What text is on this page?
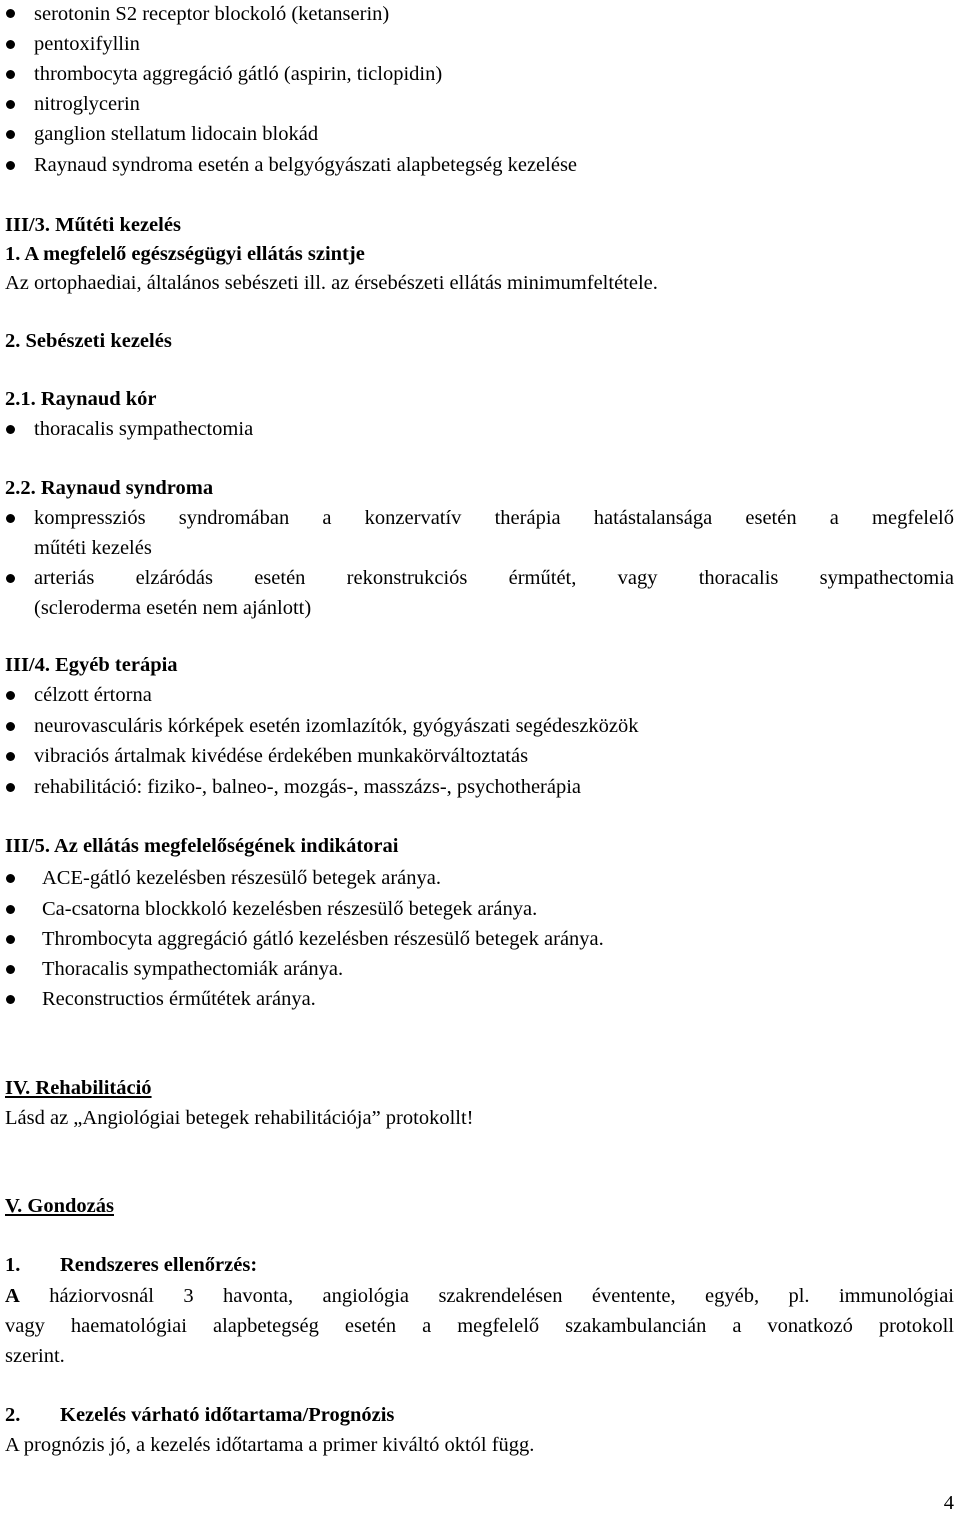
serotonin S2 receptor blockoló (ketanserin)
pentoxifyllin
thrombocyta aggregáció gátló (aspirin, ticlopidin)
nitroglycerin
ganglion stellatum lidocain blokád
Raynaud syndroma esetén a belgyógyászati alapbetegség kezelése
III/3. Műtéti kezelés
1. A megfelelő egészségügyi ellátás szintje
Az ortophaediai, általános sebészeti ill. az érsebészeti ellátás minimumfeltétele.
2. Sebészeti kezelés
2.1. Raynaud kór
thoracalis sympathectomia
2.2. Raynaud syndroma
kompressziós syndromában a konzervatív therápia hatástalansága esetén a megfelelő
műtéti kezelés
arteriás elzáródás esetén rekonstrukciós érműtét, vagy thoracalis sympathectomia
(scleroderma esetén nem ajánlott)
III/4. Egyéb terápia
célzott értorna
neurovasculáris kórképek esetén izomlazítók, gyógyászati segédeszközök
vibraciós ártalmak kivédése érdekében munkakörváltoztatás
rehabilitáció: fiziko-, balneo-, mozgás-, masszázs-, psychotherápia
III/5. Az ellátás megfelelőségének indikátorai
ACE-gátló kezelésben részesülő betegek aránya.
Ca-csatorna blockkoló kezelésben részesülő betegek aránya.
Thrombocyta aggregáció gátló kezelésben részesülő betegek aránya.
Thoracalis sympathectomiák aránya.
Reconstructios érműtétek aránya.
IV. Rehabilitáció
Lásd az „Angiológiai betegek rehabilitációja” protokollt!
V. Gondozás
1. Rendszeres ellenőrzés:
A háziorvosnál 3 havonta, angiológia szakrendelésen éventente, egyéb, pl. immunológiai
vagy haematológiai alapbetegség esetén a megfelelő szakambulancián a vonatkozó protokoll
szerint.
2. Kezelés várható időtartama/Prognózis
A prognózis jó, a kezelés időtartama a primer kiváltó októl függ.
4
